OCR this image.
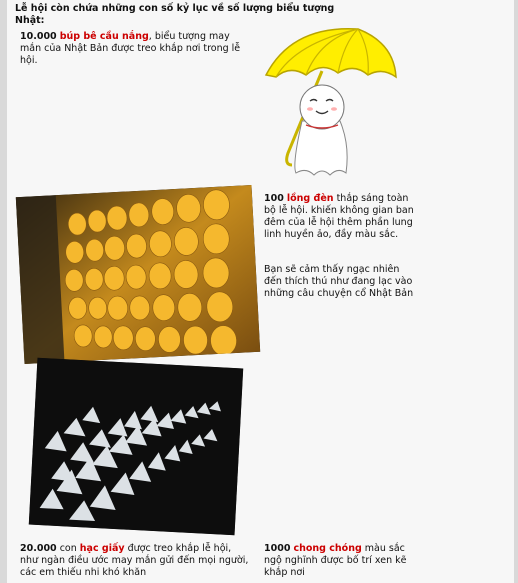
Lễ hội còn chứa những con số kỷ lục về số lượng biểu tượng Nhật:
10.000 búp bê cầu nắng, biểu tượng may mắn của Nhật Bản được treo khắp nơi trong lễ hội.
100 lồng đèn thắp sáng toàn bộ lễ hội. khiến không gian ban đêm của lễ hội thêm phần lung linh huyền ảo, đầy màu sắc.
Bạn sẽ cảm thấy ngạc nhiên đến thích thú như đang lạc vào những câu chuyện cổ Nhật Bản
20.000 con hạc giấy được treo khắp lễ hội, như ngàn điều ước may mắn gửi đến mọi người, các em thiếu nhi khó khăn
1000 chong chóng màu sắc ngộ nghĩnh được bố trí xen kẽ khắp nơi
